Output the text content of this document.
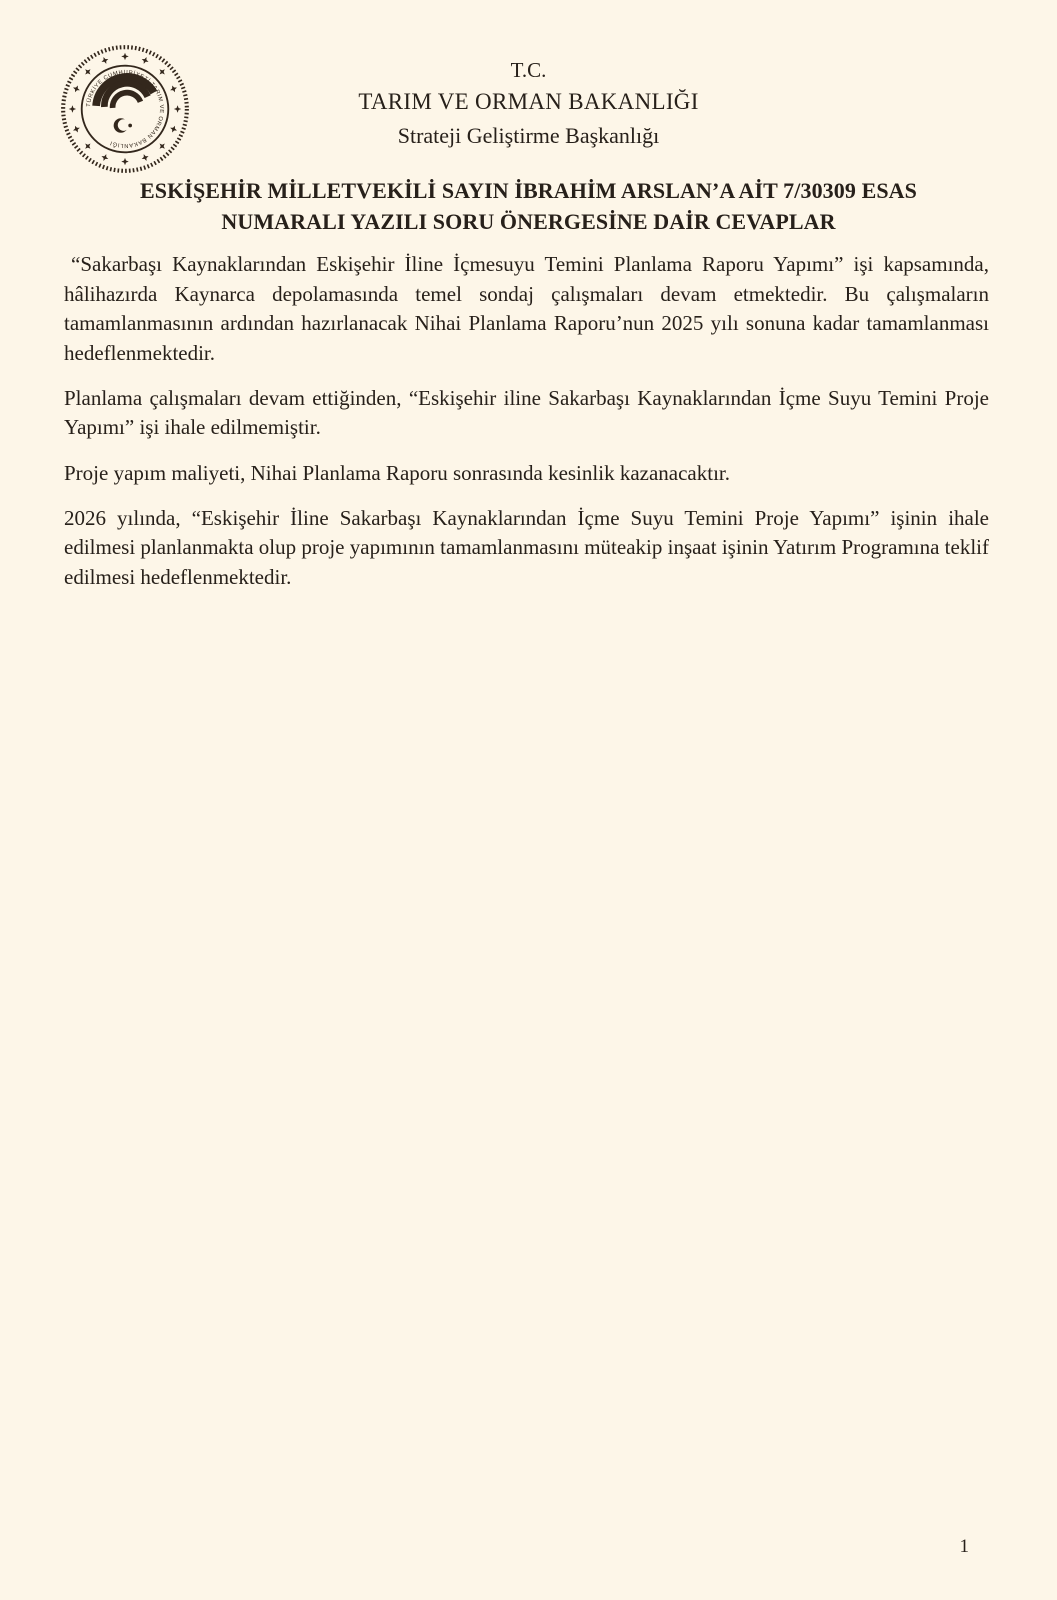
TÜRKİYE CUMHURİYETİ TARIM VE ORMAN BAKANLIĞI
T.C.
TARIM VE ORMAN BAKANLIĞI
Strateji Geliştirme Başkanlığı
ESKİŞEHİR MİLLETVEKİLİ SAYIN İBRAHİM ARSLAN’A AİT 7/30309 ESAS NUMARALI YAZILI SORU ÖNERGESİNE DAİR CEVAPLAR

“Sakarbaşı Kaynaklarından Eskişehir İline İçmesuyu Temini Planlama Raporu Yapımı” işi kapsamında, hâlihazırda Kaynarca depolamasında temel sondaj çalışmaları devam etmektedir. Bu çalışmaların tamamlanmasının ardından hazırlanacak Nihai Planlama Raporu’nun 2025 yılı sonuna kadar tamamlanması hedeflenmektedir.

Planlama çalışmaları devam ettiğinden, “Eskişehir iline Sakarbaşı Kaynaklarından İçme Suyu Temini Proje Yapımı” işi ihale edilmemiştir.

Proje yapım maliyeti, Nihai Planlama Raporu sonrasında kesinlik kazanacaktır.

2026 yılında, “Eskişehir İline Sakarbaşı Kaynaklarından İçme Suyu Temini Proje Yapımı” işinin ihale edilmesi planlanmakta olup proje yapımının tamamlanmasını müteakip inşaat işinin Yatırım Programına teklif edilmesi hedeflenmektedir.

1
